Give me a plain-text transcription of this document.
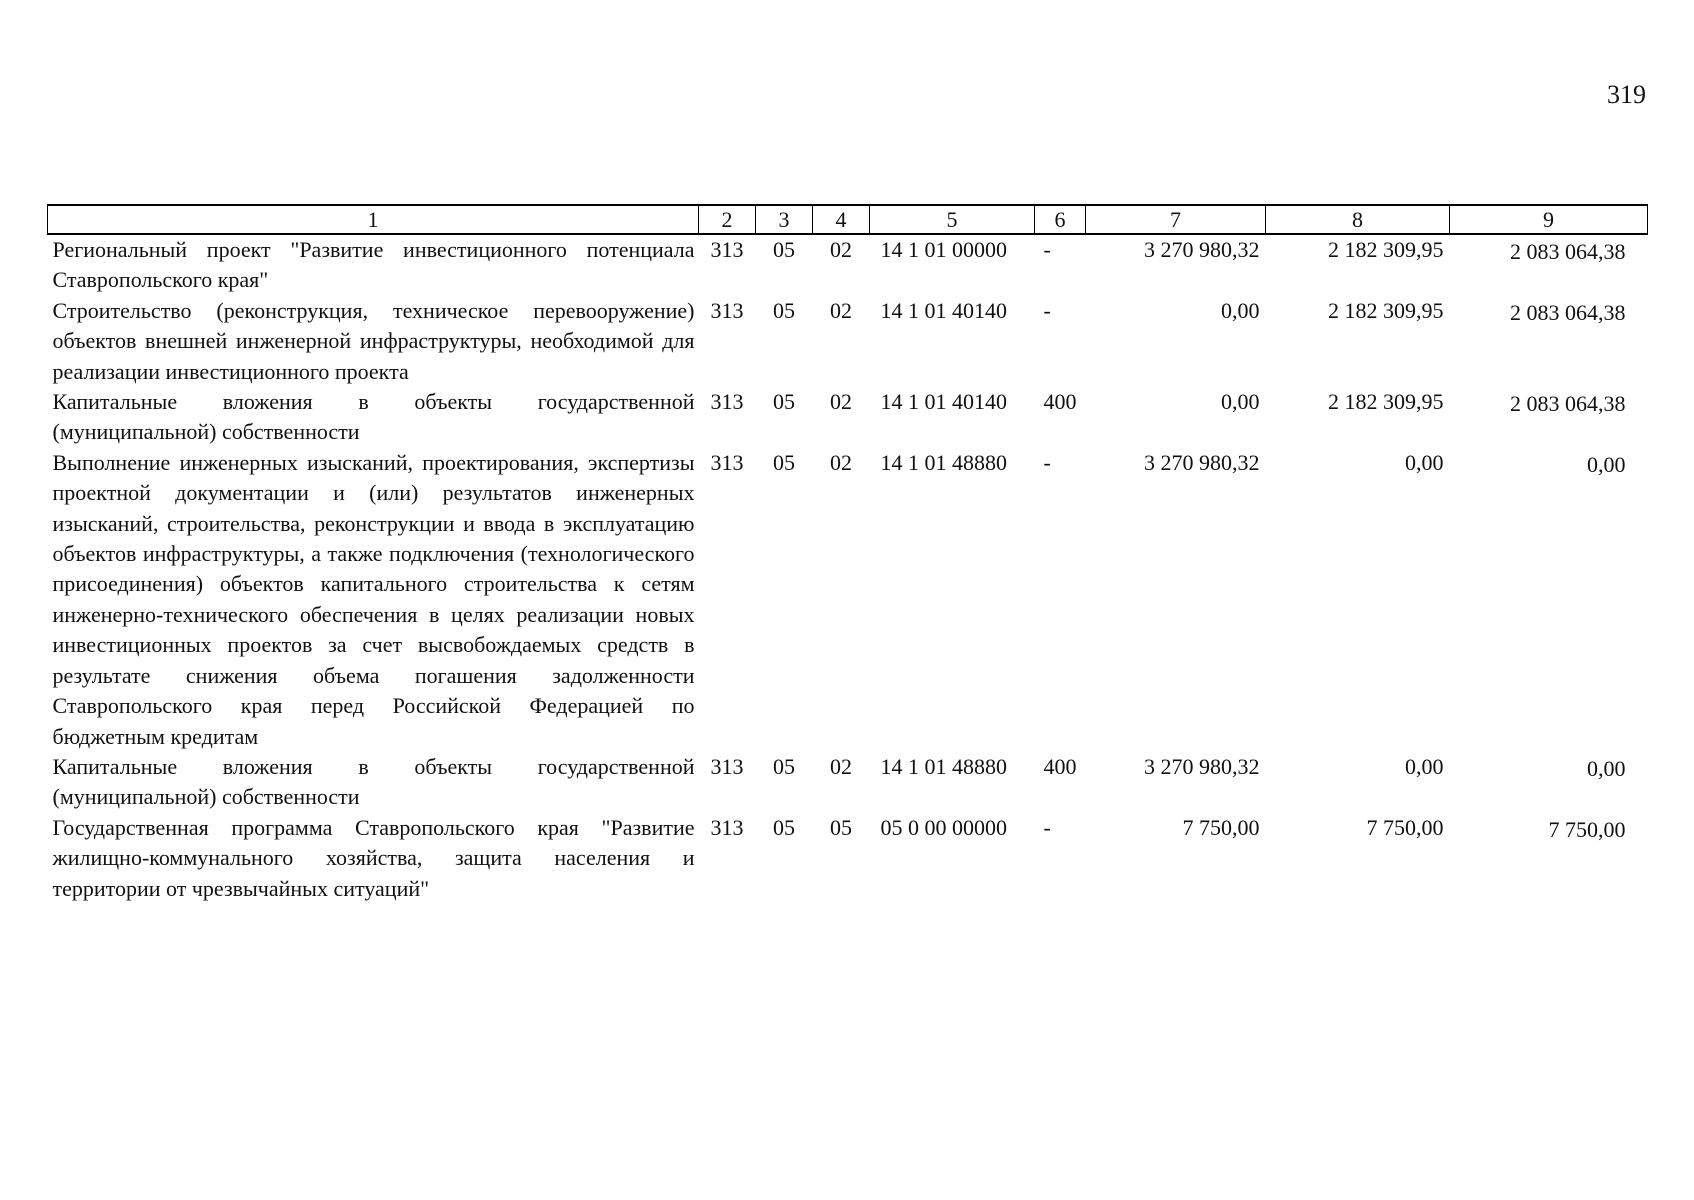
319
1	2	3	4	5	6	7	8	9
Региональный проект "Развитие инвестиционного потенциала Ставропольского края"	313	05	02	14 1 01 00000	-	3 270 980,32	2 182 309,95	2 083 064,38
Строительство (реконструкция, техническое перевооружение) объектов внешней инженерной инфраструктуры, необходимой для реализации инвестиционного проекта	313	05	02	14 1 01 40140	-	0,00	2 182 309,95	2 083 064,38
Капитальные вложения в объекты государственной (муниципальной) собственности	313	05	02	14 1 01 40140	400	0,00	2 182 309,95	2 083 064,38
Выполнение инженерных изысканий, проектирования, экспертизы проектной документации и (или) результатов инженерных изысканий, строительства, реконструкции и ввода в эксплуатацию объектов инфраструктуры, а также подключения (технологического присоединения) объектов капитального строительства к сетям инженерно-технического обеспечения в целях реализации новых инвестиционных проектов за счет высвобождаемых средств в результате снижения объема погашения задолженности Ставропольского края перед Российской Федерацией по бюджетным кредитам	313	05	02	14 1 01 48880	-	3 270 980,32	0,00	0,00
Капитальные вложения в объекты государственной (муниципальной) собственности	313	05	02	14 1 01 48880	400	3 270 980,32	0,00	0,00
Государственная программа Ставропольского края "Развитие жилищно-коммунального хозяйства, защита населения и территории от чрезвычайных ситуаций"	313	05	05	05 0 00 00000	-	7 750,00	7 750,00	7 750,00
